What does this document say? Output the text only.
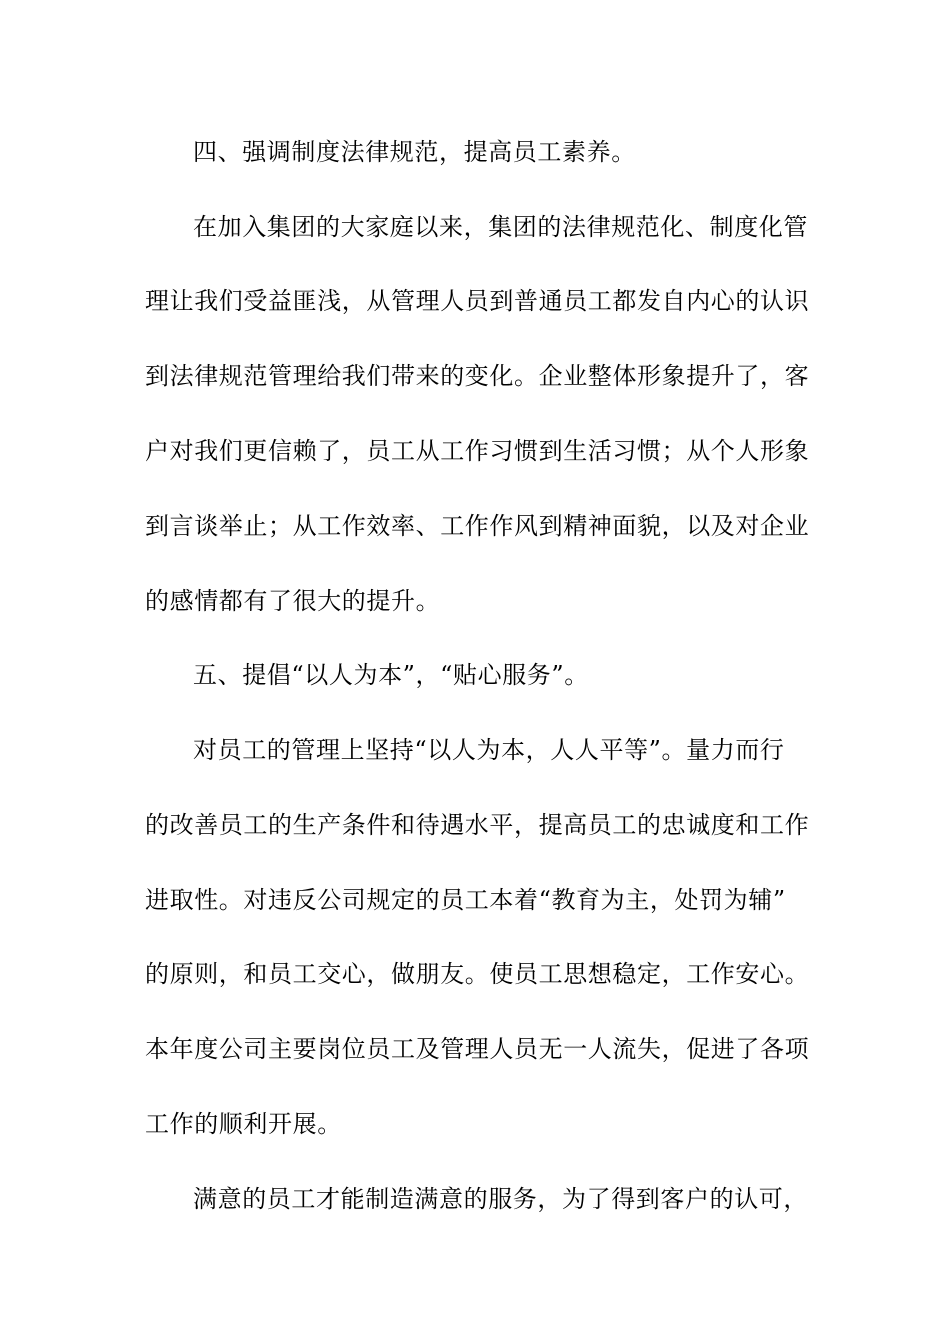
四、强调制度法律规范，提高员工素养。
在加入集团的大家庭以来，集团的法律规范化、制度化管
理让我们受益匪浅，从管理人员到普通员工都发自内心的认识
到法律规范管理给我们带来的变化。企业整体形象提升了，客
户对我们更信赖了，员工从工作习惯到生活习惯；从个人形象
到言谈举止；从工作效率、工作作风到精神面貌，以及对企业
的感情都有了很大的提升。
五、提倡“以人为本”，“贴心服务”。
对员工的管理上坚持“以人为本，人人平等”。量力而行
的改善员工的生产条件和待遇水平，提高员工的忠诚度和工作
进取性。对违反公司规定的员工本着“教育为主，处罚为辅”
的原则，和员工交心，做朋友。使员工思想稳定，工作安心。
本年度公司主要岗位员工及管理人员无一人流失，促进了各项
工作的顺利开展。
满意的员工才能制造满意的服务，为了得到客户的认可，
